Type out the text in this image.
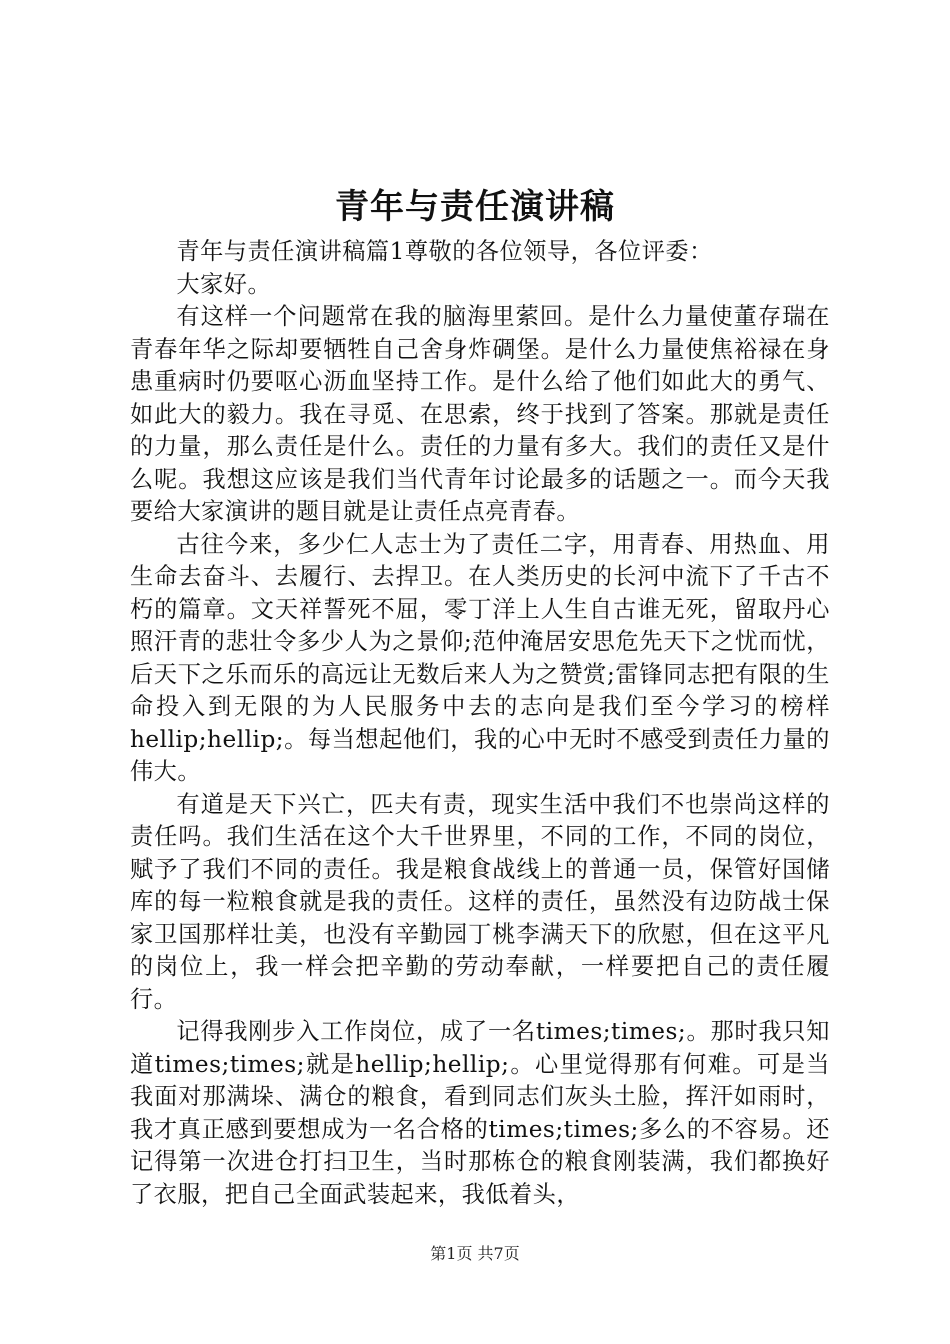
青年与责任演讲稿

青年与责任演讲稿篇1尊敬的各位领导，各位评委：

大家好。

有这样一个问题常在我的脑海里萦回。是什么力量使董存瑞在青春年华之际却要牺牲自己舍身炸碉堡。是什么力量使焦裕禄在身患重病时仍要呕心沥血坚持工作。是什么给了他们如此大的勇气、如此大的毅力。我在寻觅、在思索，终于找到了答案。那就是责任的力量，那么责任是什么。责任的力量有多大。我们的责任又是什么呢。我想这应该是我们当代青年讨论最多的话题之一。而今天我要给大家演讲的题目就是让责任点亮青春。

古往今来，多少仁人志士为了责任二字，用青春、用热血、用生命去奋斗、去履行、去捍卫。在人类历史的长河中流下了千古不朽的篇章。文天祥誓死不屈，零丁洋上人生自古谁无死，留取丹心照汗青的悲壮令多少人为之景仰;范仲淹居安思危先天下之忧而忧，后天下之乐而乐的高远让无数后来人为之赞赏;雷锋同志把有限的生命投入到无限的为人民服务中去的志向是我们至今学习的榜样hellip;hellip;。每当想起他们，我的心中无时不感受到责任力量的伟大。

有道是天下兴亡，匹夫有责，现实生活中我们不也崇尚这样的责任吗。我们生活在这个大千世界里，不同的工作，不同的岗位，赋予了我们不同的责任。我是粮食战线上的普通一员，保管好国储库的每一粒粮食就是我的责任。这样的责任，虽然没有边防战士保家卫国那样壮美，也没有辛勤园丁桃李满天下的欣慰，但在这平凡的岗位上，我一样会把辛勤的劳动奉献，一样要把自己的责任履行。

记得我刚步入工作岗位，成了一名times;times;。那时我只知道times;times;就是hellip;hellip;。心里觉得那有何难。可是当我面对那满垛、满仓的粮食，看到同志们灰头土脸，挥汗如雨时，我才真正感到要想成为一名合格的times;times;多么的不容易。还记得第一次进仓打扫卫生，当时那栋仓的粮食刚装满，我们都换好了衣服，把自己全面武装起来，我低着头，

第1页 共7页
